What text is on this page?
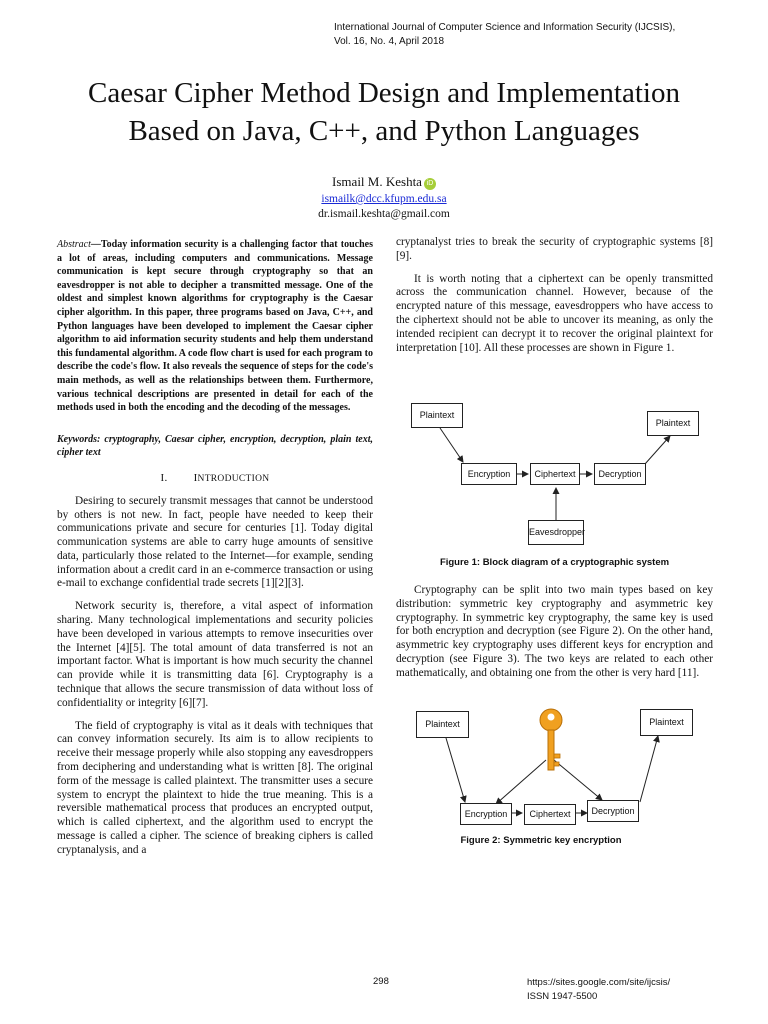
International Journal of Computer Science and Information Security (IJCSIS),
Vol. 16, No. 4, April 2018
Caesar Cipher Method Design and Implementation
Based on Java, C++, and Python Languages
Ismail M. Keshta iD
ismailk@dcc.kfupm.edu.sa
dr.ismail.keshta@gmail.com

Abstract—Today information security is a challenging factor that touches a lot of areas, including computers and communications. Message communication is kept secure through cryptography so that an eavesdropper is not able to decipher a transmitted message. One of the oldest and simplest known algorithms for cryptography is the Caesar cipher algorithm. In this paper, three programs based on Java, C++, and Python languages have been developed to implement the Caesar cipher algorithm to aid information security students and help them understand this fundamental algorithm. A code flow chart is used for each program to describe the code's flow. It also reveals the sequence of steps for the code's main methods, as well as the relationships between them. Furthermore, various technical descriptions are presented in detail for each of the methods used in both the encoding and the decoding of the messages.

Keywords: cryptography, Caesar cipher, encryption, decryption, plain text, cipher text

I. INTRODUCTION

Desiring to securely transmit messages that cannot be understood by others is not new. In fact, people have needed to keep their communications private and secure for centuries [1]. Today digital communication systems are able to carry huge amounts of sensitive data, particularly those related to the Internet—for example, sending information about a credit card in an e-commerce transaction or using e-mail to exchange confidential trade secrets [1][2][3].

Network security is, therefore, a vital aspect of information sharing. Many technological implementations and security policies have been developed in various attempts to remove insecurities over the Internet [4][5]. The total amount of data transferred is not an important factor. What is important is how much security the channel can provide while it is transmitting data [6]. Cryptography is a technique that allows the secure transmission of data without loss of confidentiality or integrity [6][7].

The field of cryptography is vital as it deals with techniques that can convey information securely. Its aim is to allow recipients to receive their message properly while also stopping any eavesdroppers from deciphering and understanding what is written [8]. The original form of the message is called plaintext. The transmitter uses a secure system to encrypt the plaintext to hide the true meaning. This is a reversible mathematical process that produces an encrypted output, which is called ciphertext, and the algorithm used to encrypt the message is called a cipher. The science of breaking ciphers is called cryptanalysis, and a

cryptanalyst tries to break the security of cryptographic systems [8][9].

It is worth noting that a ciphertext can be openly transmitted across the communication channel. However, because of the encrypted nature of this message, eavesdroppers who have access to the ciphertext should not be able to uncover its meaning, as only the intended recipient can decrypt it to recover the original plaintext for interpretation [10]. All these processes are shown in Figure 1.

Plaintext
Plaintext
Encryption	Ciphertext	Decryption
Eavesdropper
Figure 1: Block diagram of a cryptographic system

Cryptography can be split into two main types based on key distribution: symmetric key cryptography and asymmetric key cryptography. In symmetric key cryptography, the same key is used for both encryption and decryption (see Figure 2). On the other hand, asymmetric key cryptography uses different keys for encryption and decryption (see Figure 3). The two keys are related to each other mathematically, and obtaining one from the other is very hard [11].

Plaintext	Plaintext
Encryption	Ciphertext	Decryption
Figure 2: Symmetric key encryption
298	https://sites.google.com/site/ijcsis/
ISSN 1947-5500
